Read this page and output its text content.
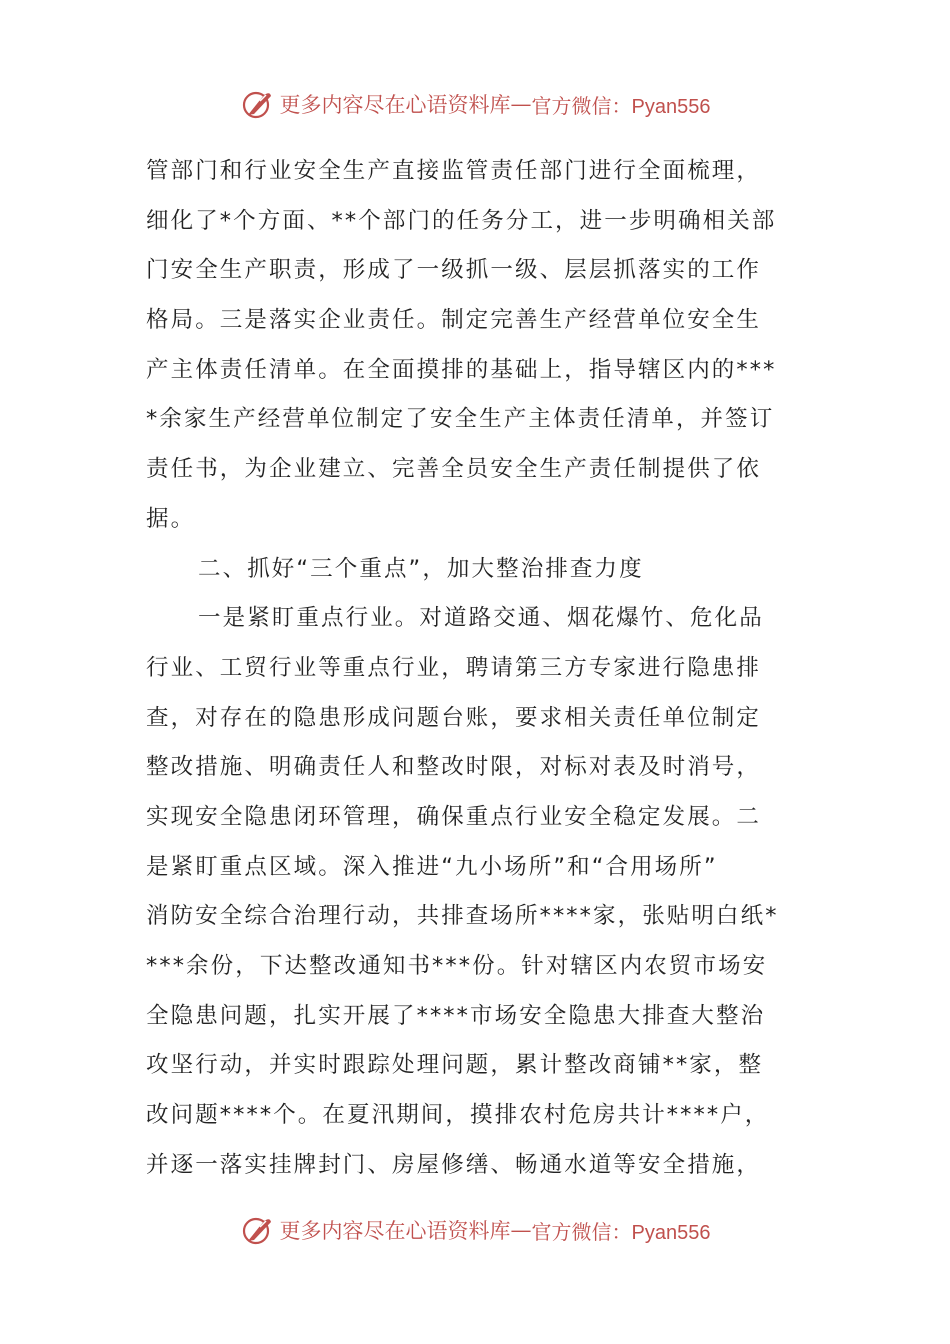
更多内容尽在心语资料库 — 官方微信：Pyan556
管部门和行业安全生产直接监管责任部门进行全面梳理，
细化了*个方面、**个部门的任务分工，进一步明确相关部
门安全生产职责，形成了一级抓一级、层层抓落实的工作
格局。三是落实企业责任。制定完善生产经营单位安全生
产主体责任清单。在全面摸排的基础上，指导辖区内的***
*余家生产经营单位制定了安全生产主体责任清单，并签订
责任书，为企业建立、完善全员安全生产责任制提供了依
据。
二、抓好“三个重点”，加大整治排查力度
一是紧盯重点行业。对道路交通、烟花爆竹、危化品
行业、工贸行业等重点行业，聘请第三方专家进行隐患排
查，对存在的隐患形成问题台账，要求相关责任单位制定
整改措施、明确责任人和整改时限，对标对表及时消号，
实现安全隐患闭环管理，确保重点行业安全稳定发展。二
是紧盯重点区域。深入推进“九小场所”和“合用场所”
消防安全综合治理行动，共排查场所****家，张贴明白纸*
***余份，下达整改通知书***份。针对辖区内农贸市场安
全隐患问题，扎实开展了****市场安全隐患大排查大整治
攻坚行动，并实时跟踪处理问题，累计整改商铺**家，整
改问题****个。在夏汛期间，摸排农村危房共计****户，
并逐一落实挂牌封门、房屋修缮、畅通水道等安全措施，
更多内容尽在心语资料库 — 官方微信：Pyan556
